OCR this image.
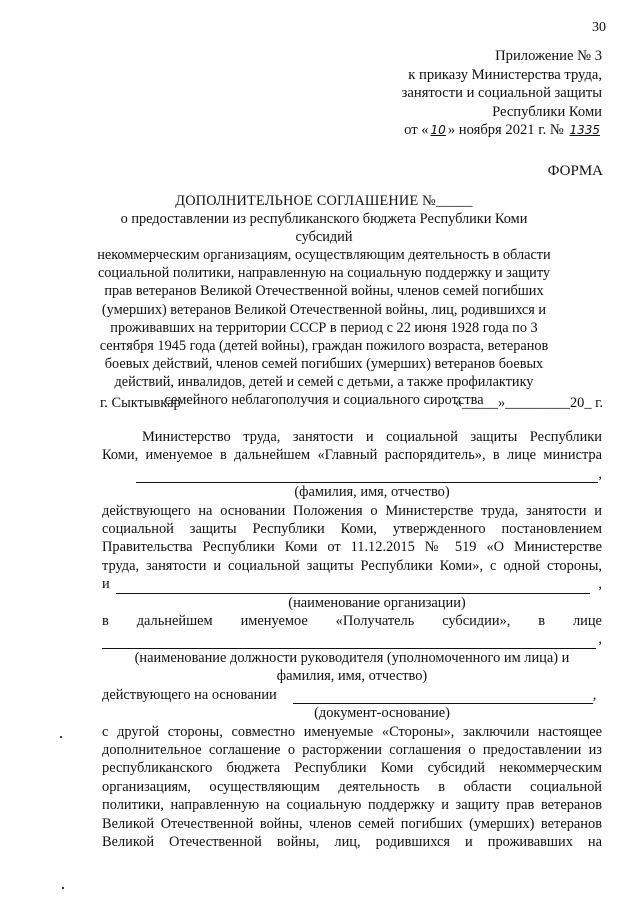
30
Приложение № 3
к приказу Министерства труда,
занятости и социальной защиты
Республики Коми
от « 10 » ноября 2021 г. № 1335
ФОРМА
ДОПОЛНИТЕЛЬНОЕ СОГЛАШЕНИЕ №_____
о предоставлении из республиканского бюджета Республики Коми субсидий
некоммерческим организациям, осуществляющим деятельность в области
социальной политики, направленную на социальную поддержку и защиту
прав ветеранов Великой Отечественной войны, членов семей погибших
(умерших) ветеранов Великой Отечественной войны, лиц, родившихся и
проживавших на территории СССР в период с 22 июня 1928 года по 3
сентября 1945 года (детей войны), граждан пожилого возраста, ветеранов
боевых действий, членов семей погибших (умерших) ветеранов боевых
действий, инвалидов, детей и семей с детьми, а также профилактику
семейного неблагополучия и социального сиротства
г. Сыктывкар	«_____»_________20_ г.
Министерство труда, занятости и социальной защиты Республики
Коми, именуемое в дальнейшем «Главный распорядитель», в лице министра
,
(фамилия, имя, отчество)
действующего на основании Положения о Министерстве труда, занятости и
социальной защиты Республики Коми, утвержденного постановлением
Правительства Республики Коми от 11.12.2015 № 519 «О Министерстве
труда, занятости и социальной защиты Республики Коми», с одной стороны,
и	,
(наименование организации)
в дальнейшем именуемое «Получатель субсидии», в лице
,
(наименование должности руководителя (уполномоченного им лица) и
фамилия, имя, отчество)
действующего на основании	,
(документ-основание)
с другой стороны, совместно именуемые «Стороны», заключили настоящее
дополнительное соглашение о расторжении соглашения о предоставлении из
республиканского бюджета Республики Коми субсидий некоммерческим
организациям, осуществляющим деятельность в области социальной
политики, направленную на социальную поддержку и защиту прав ветеранов
Великой Отечественной войны, членов семей погибших (умерших) ветеранов
Великой Отечественной войны, лиц, родившихся и проживавших на
